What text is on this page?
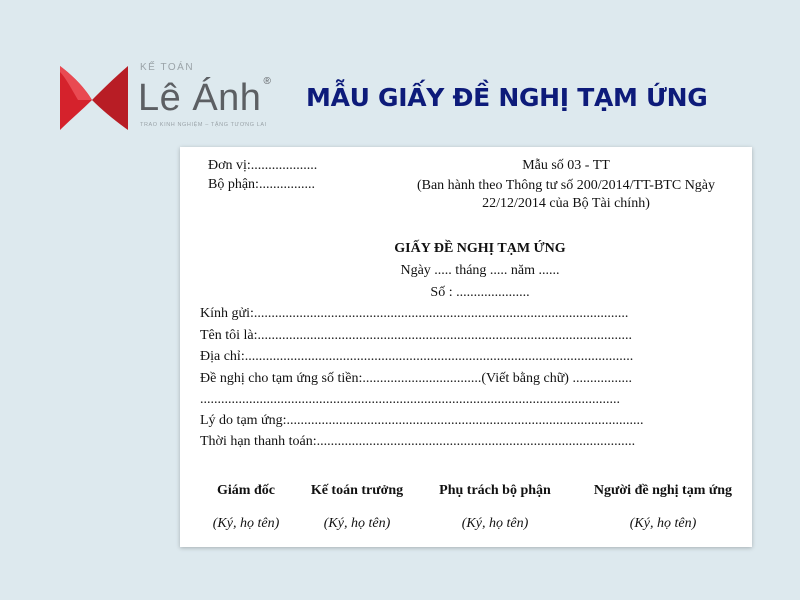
KẾ TOÁN
Lê Ánh ®
TRAO KINH NGHIỆM – TẶNG TƯƠNG LAI
MẪU GIẤY ĐỀ NGHỊ TẠM ỨNG
Đơn vị:...................
Bộ phận:................
Mẫu số 03 - TT
(Ban hành theo Thông tư số 200/2014/TT-BTC Ngày
22/12/2014 của Bộ Tài chính)
GIẤY ĐỀ NGHỊ TẠM ỨNG
Ngày ..... tháng ..... năm ......
Số : .....................
Kính gửi:...........................................................................................................
Tên tôi là:...........................................................................................................
Địa chỉ:...............................................................................................................
Đề nghị cho tạm ứng số tiền:..................................(Viết bằng chữ) .................
........................................................................................................................
Lý do tạm ứng:......................................................................................................
Thời hạn thanh toán:...........................................................................................
Giám đốc	Kế toán trưởng	Phụ trách bộ phận	Người đề nghị tạm ứng
(Ký, họ tên)	(Ký, họ tên)	(Ký, họ tên)	(Ký, họ tên)
